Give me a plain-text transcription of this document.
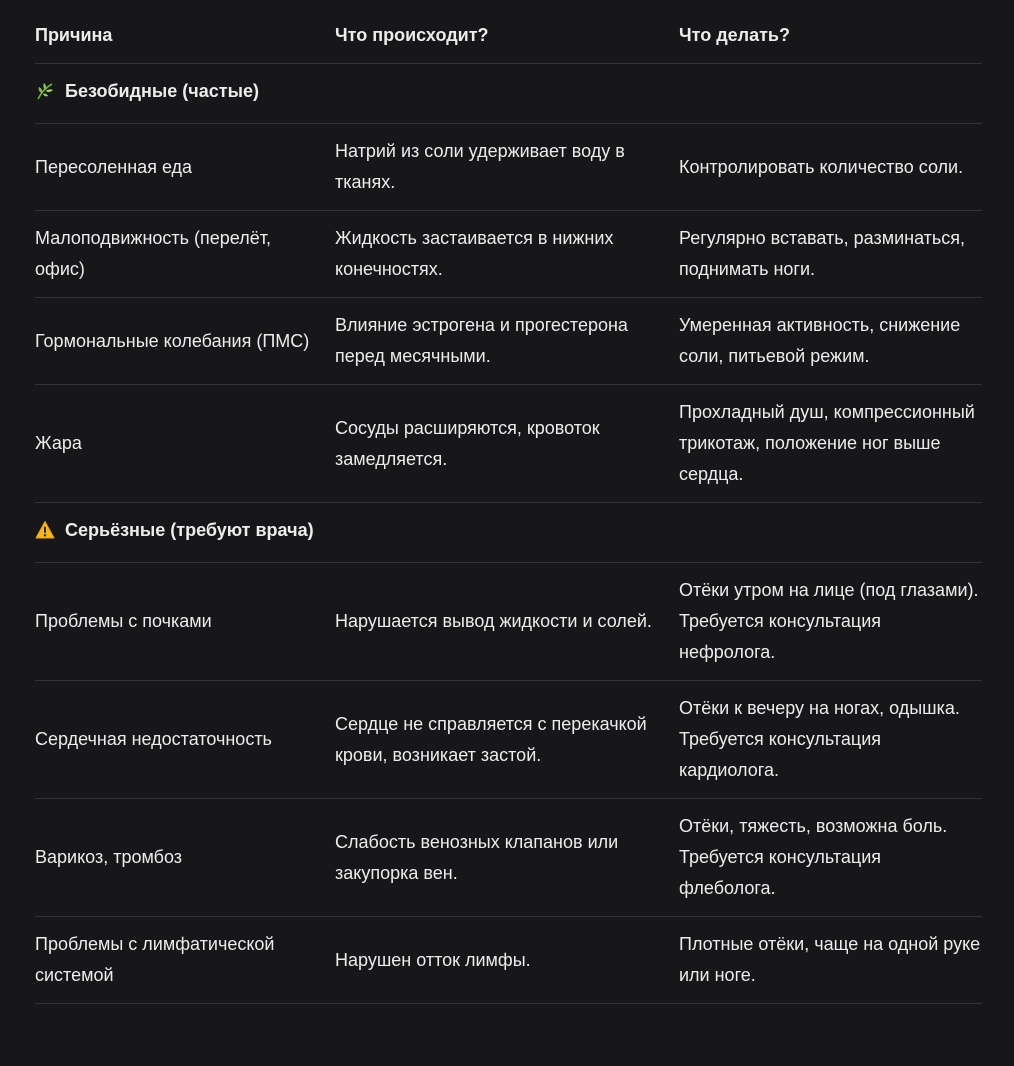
Причина	Что происходит?	Что делать?
Безобидные (частые)		
Пересоленная еда	Натрий из соли удерживает воду в тканях.	Контролировать количество соли.
Малоподвижность (перелёт, офис)	Жидкость застаивается в нижних конечностях.	Регулярно вставать, разминаться, поднимать ноги.
Гормональные колебания (ПМС)	Влияние эстрогена и прогестерона перед месячными.	Умеренная активность, снижение соли, питьевой режим.
Жара	Сосуды расширяются, кровоток замедляется.	Прохладный душ, компрессионный трикотаж, положение ног выше сердца.
Серьёзные (требуют врача)		
Проблемы с почками	Нарушается вывод жидкости и солей.	Отёки утром на лице (под глазами). Требуется консультация нефролога.
Сердечная недостаточность	Сердце не справляется с перекачкой крови, возникает застой.	Отёки к вечеру на ногах, одышка. Требуется консультация кардиолога.
Варикоз, тромбоз	Слабость венозных клапанов или закупорка вен.	Отёки, тяжесть, возможна боль. Требуется консультация флеболога.
Проблемы с лимфатической системой	Нарушен отток лимфы.	Плотные отёки, чаще на одной руке или ноге.
